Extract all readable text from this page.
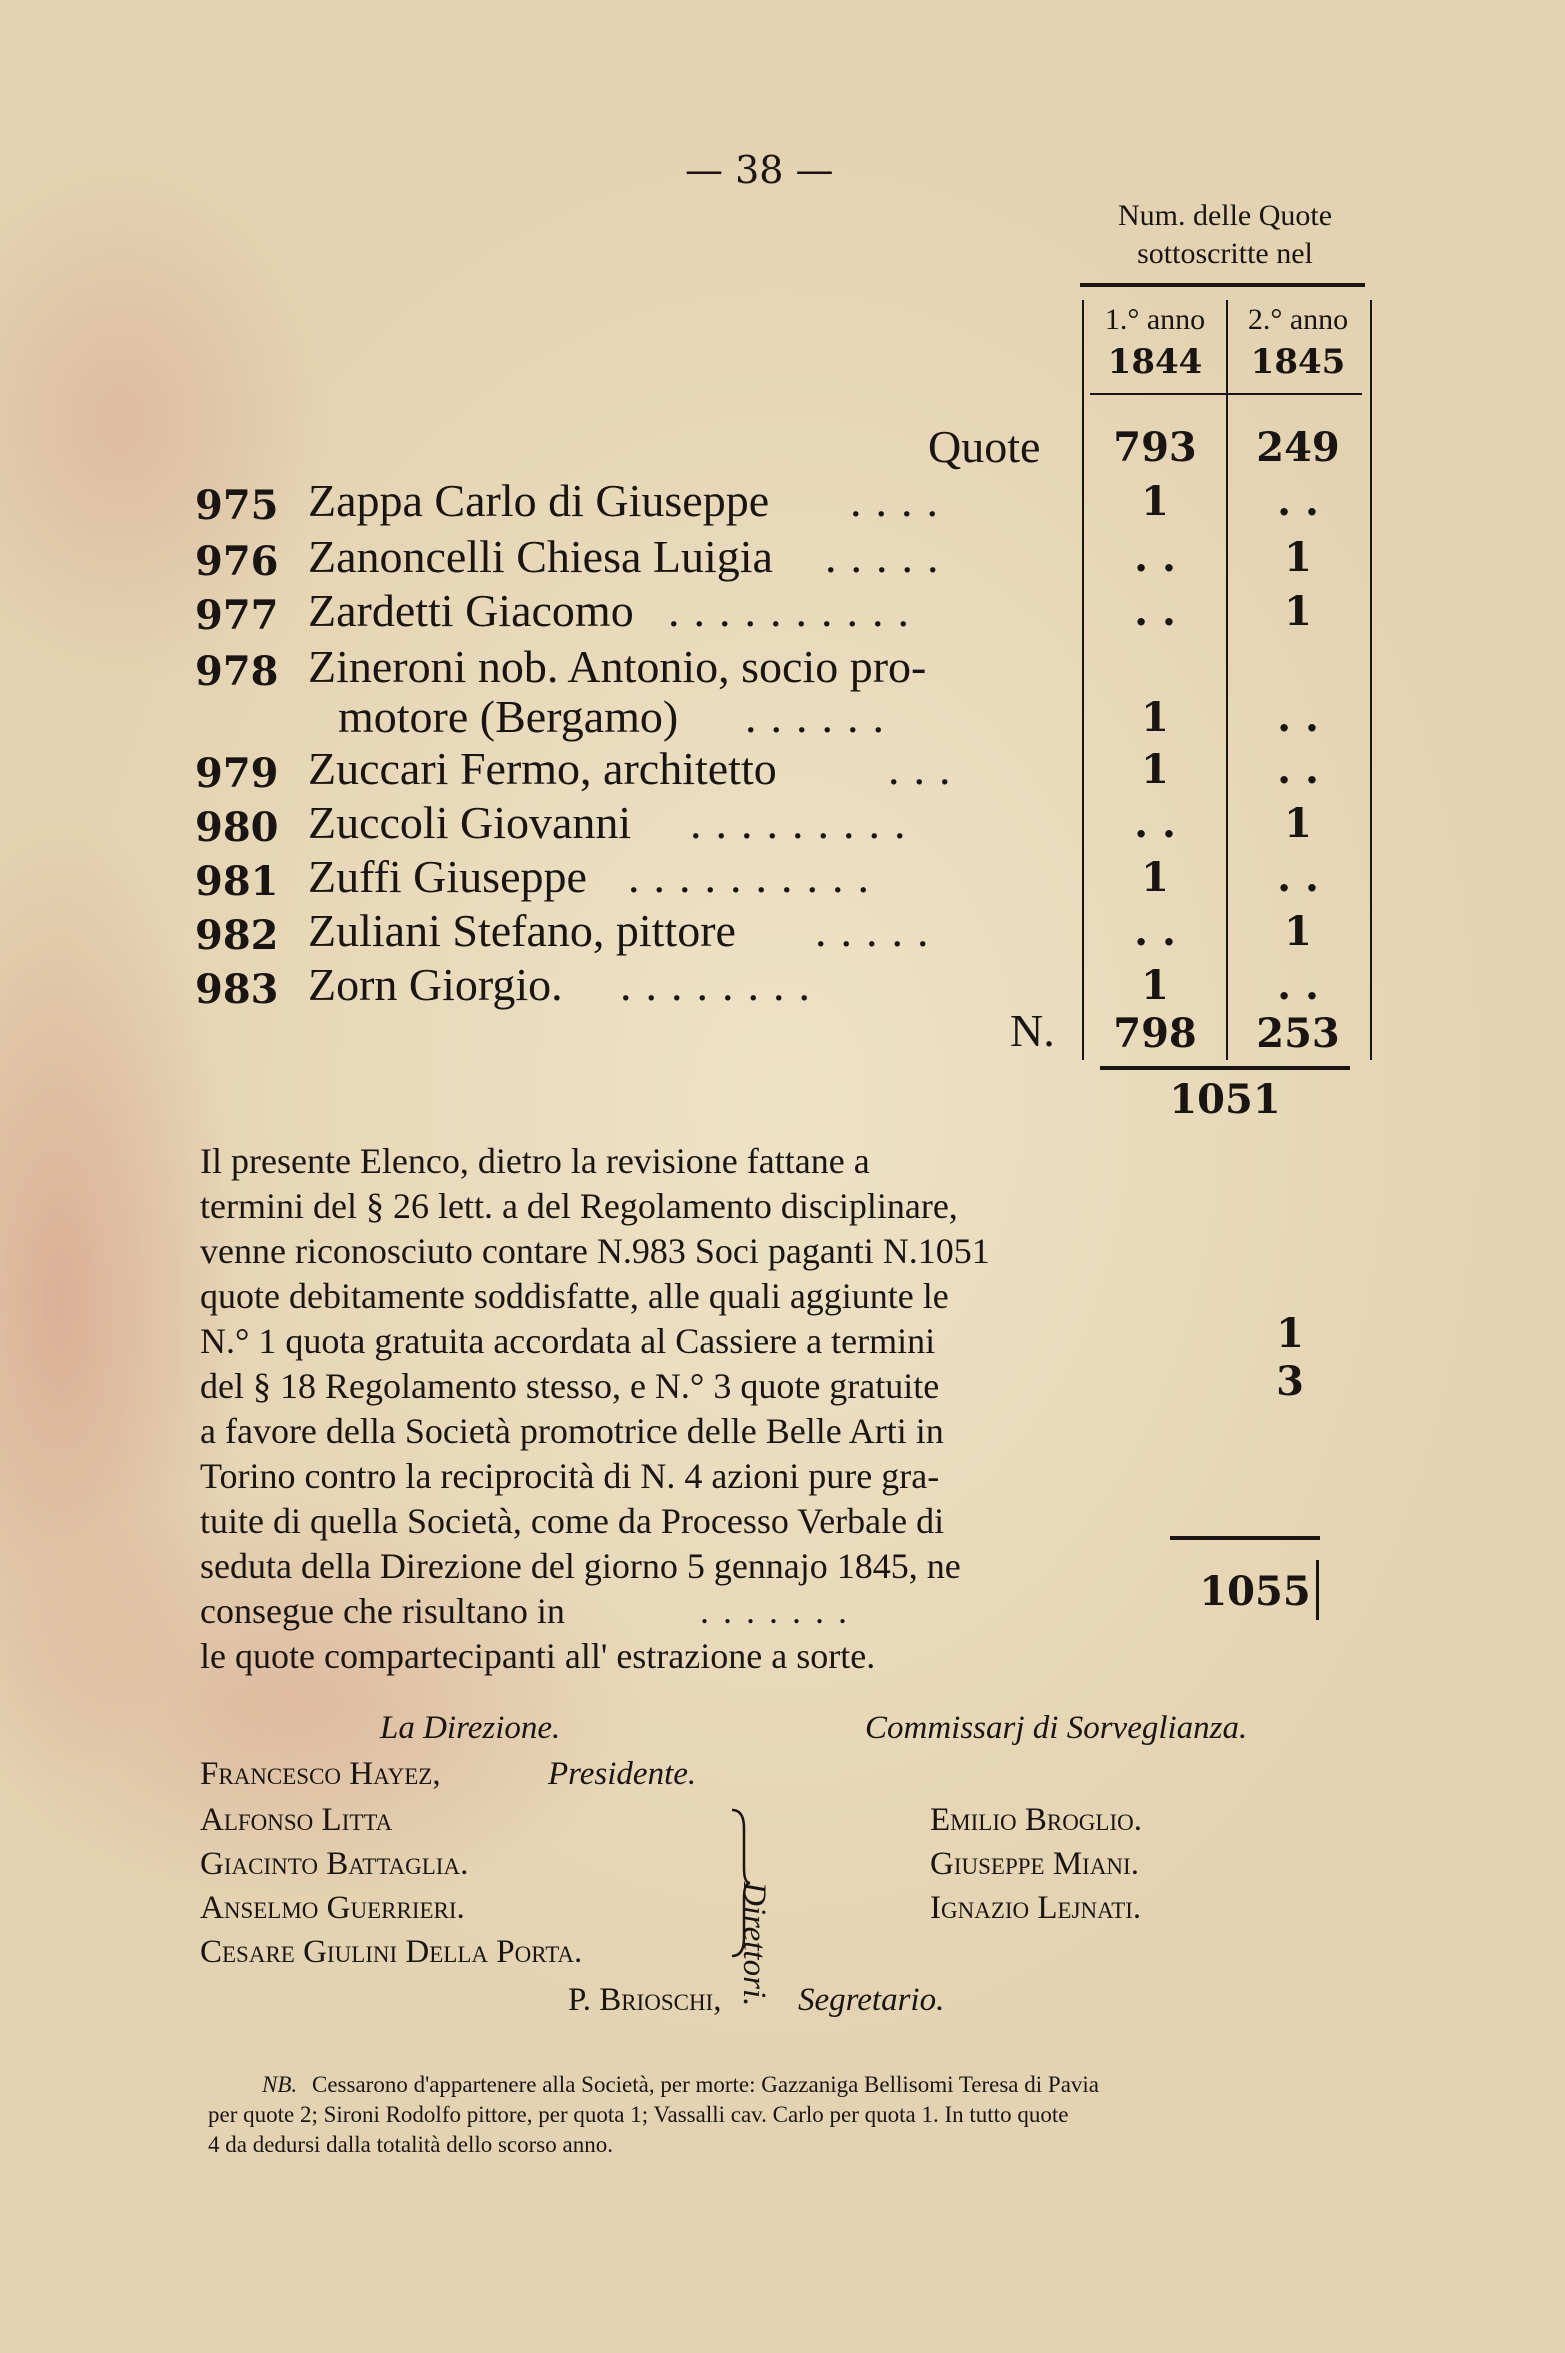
— 38 —
Num. delle Quote
sottoscritte nel
1.° anno	2.° anno
1844	1845
Quote	793	249
975 Zappa Carlo di Giuseppe ....	1	. .
976 Zanoncelli Chiesa Luigia .....	. .	1
977 Zardetti Giacomo ..........	. .	1
978 Zineroni nob. Antonio, socio pro-
motore (Bergamo) ......	1	. .
979 Zuccari Fermo, architetto ...	1	. .
980 Zuccoli Giovanni .........	. .	1
981 Zuffi Giuseppe ..........	1	. .
982 Zuliani Stefano, pittore .....	. .	1
983 Zorn Giorgio. ........	1	. .
N.	798	253
1051
Il presente Elenco, dietro la revisione fattane a
termini del § 26 lett. a del Regolamento disciplinare,
venne riconosciuto contare N.983 Soci paganti N.1051
quote debitamente soddisfatte, alle quali aggiunte le
N.° 1 quota gratuita accordata al Cassiere a termini
del § 18 Regolamento stesso, e N.° 3 quote gratuite
a favore della Società promotrice delle Belle Arti in
Torino contro la reciprocità di N. 4 azioni pure gra-
tuite di quella Società, come da Processo Verbale di
seduta della Direzione del giorno 5 gennajo 1845, ne
consegue che risultano in	.......
le quote compartecipanti all' estrazione a sorte.
1
3
1055
La Direzione.	Commissarj di Sorveglianza.
Francesco Hayez,	Presidente.
Alfonso Litta
Giacinto Battaglia.
Anselmo Guerrieri.
Cesare Giulini Della Porta.	Direttori.
Emilio Broglio.
Giuseppe Miani.
Ignazio Lejnati.
P. Brioschi, Segretario.
NB. Cessarono d'appartenere alla Società, per morte: Gazzaniga Bellisomi Teresa di Pavia
per quote 2; Sironi Rodolfo pittore, per quota 1; Vassalli cav. Carlo per quota 1. In tutto quote
4 da dedursi dalla totalità dello scorso anno.
